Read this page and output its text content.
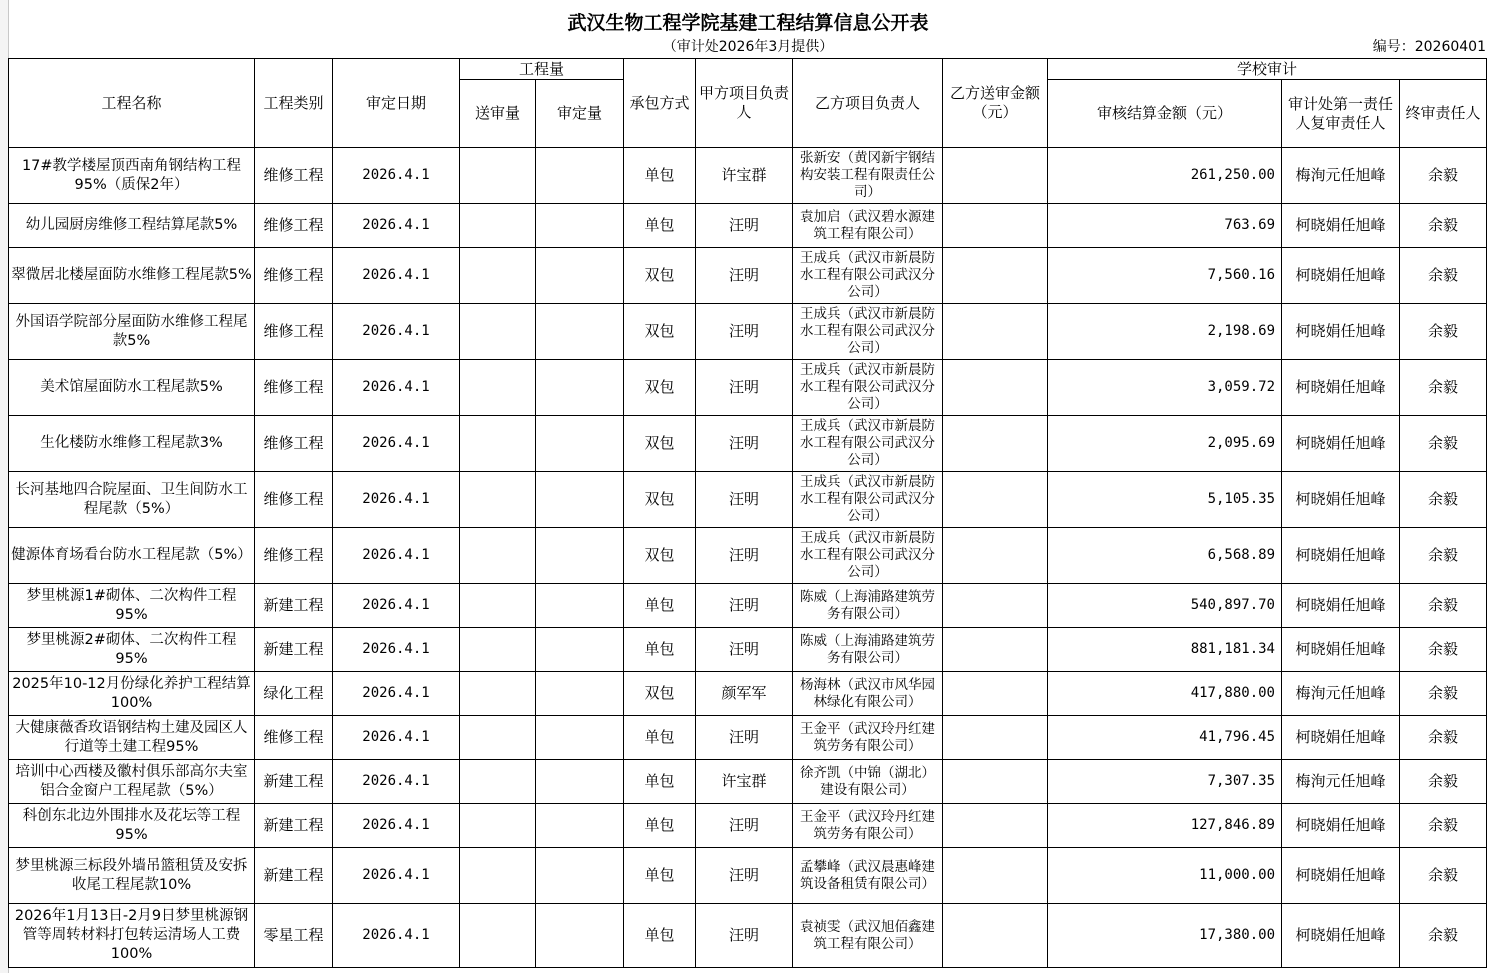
武汉生物工程学院基建工程结算信息公开表
（审计处2026年3月提供）	编号：20260401
工程名称	工程类别	审定日期	工程量		承包方式	甲方项目负责人	乙方项目负责人	乙方送审金额（元）	学校审计		
			送审量	审定量					审核结算金额（元）	审计处第一责任人复审责任人	终审责任人
17#教学楼屋顶西南角钢结构工程95%（质保2年）	维修工程	2026.4.1			单包	许宝群	张新安（黄冈新宇钢结构安装工程有限责任公司）		261,250.00	梅洵元任旭峰	余毅
幼儿园厨房维修工程结算尾款5%	维修工程	2026.4.1			单包	汪明	袁加启（武汉碧水源建筑工程有限公司）		763.69	柯晓娟任旭峰	余毅
翠微居北楼屋面防水维修工程尾款5%	维修工程	2026.4.1			双包	汪明	王成兵（武汉市新晨防水工程有限公司武汉分公司）		7,560.16	柯晓娟任旭峰	余毅
外国语学院部分屋面防水维修工程尾款5%	维修工程	2026.4.1			双包	汪明	王成兵（武汉市新晨防水工程有限公司武汉分公司）		2,198.69	柯晓娟任旭峰	余毅
美术馆屋面防水工程尾款5%	维修工程	2026.4.1			双包	汪明	王成兵（武汉市新晨防水工程有限公司武汉分公司）		3,059.72	柯晓娟任旭峰	余毅
生化楼防水维修工程尾款3%	维修工程	2026.4.1			双包	汪明	王成兵（武汉市新晨防水工程有限公司武汉分公司）		2,095.69	柯晓娟任旭峰	余毅
长河基地四合院屋面、卫生间防水工程尾款（5%）	维修工程	2026.4.1			双包	汪明	王成兵（武汉市新晨防水工程有限公司武汉分公司）		5,105.35	柯晓娟任旭峰	余毅
健源体育场看台防水工程尾款（5%）	维修工程	2026.4.1			双包	汪明	王成兵（武汉市新晨防水工程有限公司武汉分公司）		6,568.89	柯晓娟任旭峰	余毅
梦里桃源1#砌体、二次构件工程95%	新建工程	2026.4.1			单包	汪明	陈威（上海浦路建筑劳务有限公司）		540,897.70	柯晓娟任旭峰	余毅
梦里桃源2#砌体、二次构件工程95%	新建工程	2026.4.1			单包	汪明	陈威（上海浦路建筑劳务有限公司）		881,181.34	柯晓娟任旭峰	余毅
2025年10-12月份绿化养护工程结算100%	绿化工程	2026.4.1			双包	颜军军	杨海林（武汉市风华园林绿化有限公司）		417,880.00	梅洵元任旭峰	余毅
大健康薇香玫语钢结构土建及园区人行道等土建工程95%	维修工程	2026.4.1			单包	汪明	王金平（武汉玲丹红建筑劳务有限公司）		41,796.45	柯晓娟任旭峰	余毅
培训中心西楼及徽村俱乐部高尔夫室铝合金窗户工程尾款（5%）	新建工程	2026.4.1			单包	许宝群	徐齐凯（中锦（湖北）建设有限公司）		7,307.35	梅洵元任旭峰	余毅
科创东北边外围排水及花坛等工程95%	新建工程	2026.4.1			单包	汪明	王金平（武汉玲丹红建筑劳务有限公司）		127,846.89	柯晓娟任旭峰	余毅
梦里桃源三标段外墙吊篮租赁及安拆收尾工程尾款10%	新建工程	2026.4.1			单包	汪明	孟攀峰（武汉晨惠峰建筑设备租赁有限公司）		11,000.00	柯晓娟任旭峰	余毅
2026年1月13日-2月9日梦里桃源钢管等周转材料打包转运清场人工费100%	零星工程	2026.4.1			单包	汪明	袁祯雯（武汉旭佰鑫建筑工程有限公司）		17,380.00	柯晓娟任旭峰	余毅
